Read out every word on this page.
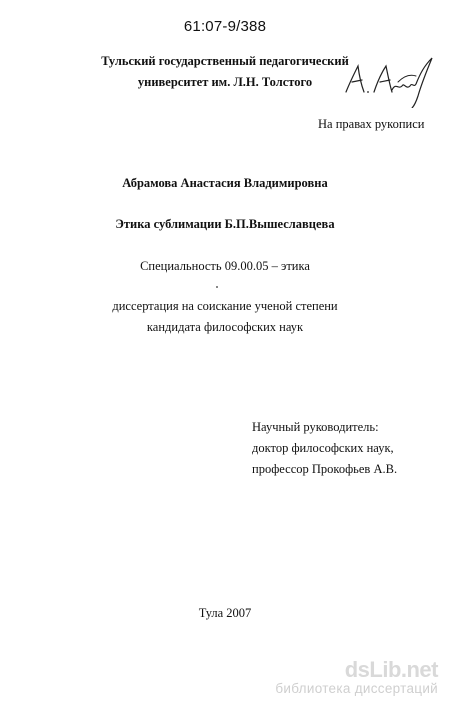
61:07-9/388
Тульский государственный педагогический
университет им. Л.Н. Толстого
На правах рукописи
Абрамова Анастасия Владимировна
Этика сублимации Б.П.Вышеславцева
Специальность 09.00.05 – этика
диссертация на соискание ученой степени
кандидата философских наук
Научный руководитель:
доктор философских наук,
профессор Прокофьев А.В.
Тула 2007
dsLib.net
библиотека диссертаций
